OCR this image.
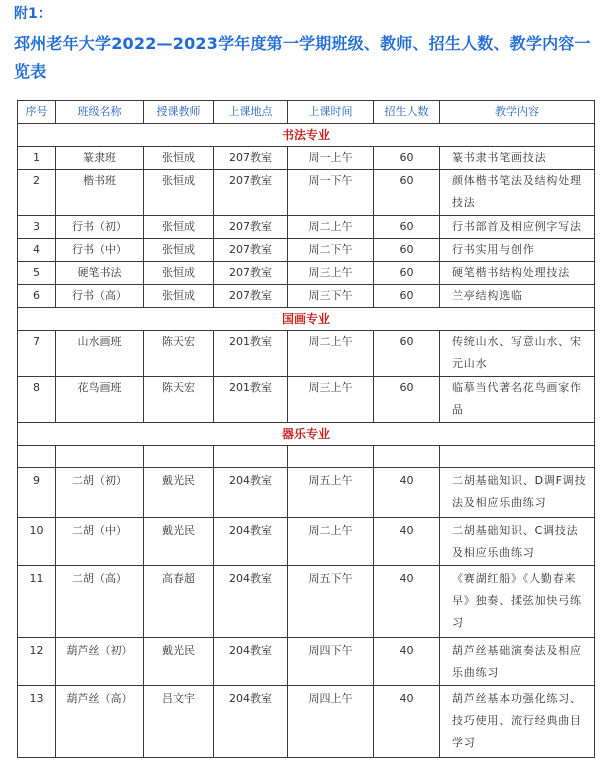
附1：
邳州老年大学2022—2023学年度第一学期班级、教师、招生人数、教学内容一览表
序号	班级名称	授课教师	上课地点	上课时间	招生人数	教学内容
书法专业						
1	篆隶班	张恒成	207教室	周一上午	60	篆书隶书笔画技法
2	楷书班	张恒成	207教室	周一下午	60	颜体楷书笔法及结构处理技法
3	行书（初）	张恒成	207教室	周二上午	60	行书部首及相应例字写法
4	行书（中）	张恒成	207教室	周二下午	60	行书实用与创作
5	硬笔书法	张恒成	207教室	周三上午	60	硬笔楷书结构处理技法
6	行书（高）	张恒成	207教室	周三下午	60	兰亭结构选临
国画专业						
7	山水画班	陈天宏	201教室	周二上午	60	传统山水、写意山水、宋元山水
8	花鸟画班	陈天宏	201教室	周三上午	60	临摹当代著名花鸟画家作品
器乐专业						

9	二胡（初）	戴光民	204教室	周五上午	40	二胡基础知识、D调F调技法及相应乐曲练习
10	二胡（中）	戴光民	204教室	周二上午	40	二胡基础知识、C调技法及相应乐曲练习
11	二胡（高）	高春超	204教室	周五下午	40	《赛湖红船》《人勤春来早》独奏、揉弦加快弓练习
12	葫芦丝（初）	戴光民	204教室	周四下午	40	葫芦丝基础演奏法及相应乐曲练习
13	葫芦丝（高）	吕文宇	204教室	周四上午	40	葫芦丝基本功强化练习、技巧使用、流行经典曲目学习
